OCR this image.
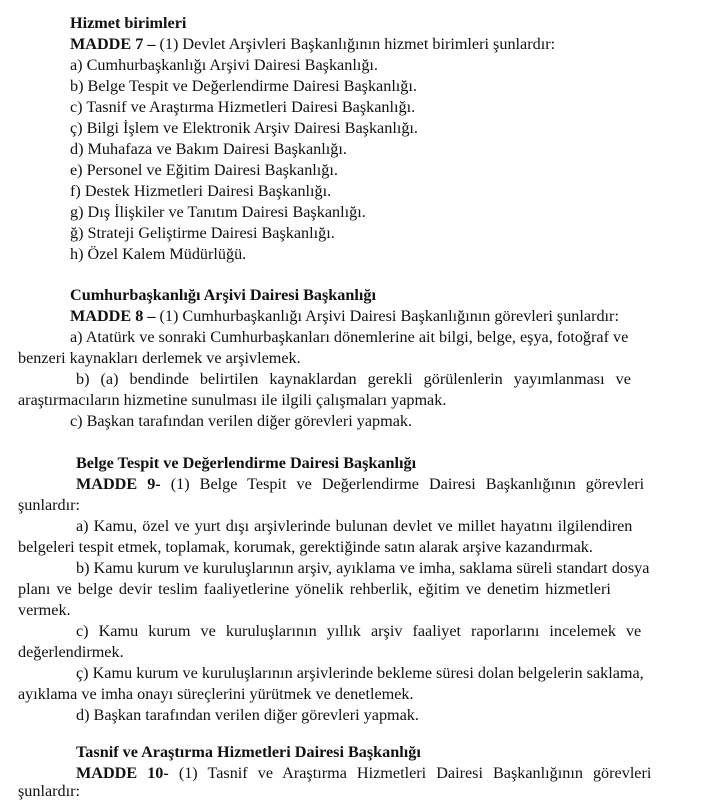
Hizmet birimleri
MADDE 7 – (1) Devlet Arşivleri Başkanlığının hizmet birimleri şunlardır:
a) Cumhurbaşkanlığı Arşivi Dairesi Başkanlığı.
b) Belge Tespit ve Değerlendirme Dairesi Başkanlığı.
c) Tasnif ve Araştırma Hizmetleri Dairesi Başkanlığı.
ç) Bilgi İşlem ve Elektronik Arşiv Dairesi Başkanlığı.
d) Muhafaza ve Bakım Dairesi Başkanlığı.
e) Personel ve Eğitim Dairesi Başkanlığı.
f) Destek Hizmetleri Dairesi Başkanlığı.
g) Dış İlişkiler ve Tanıtım Dairesi Başkanlığı.
ğ) Strateji Geliştirme Dairesi Başkanlığı.
h) Özel Kalem Müdürlüğü.
Cumhurbaşkanlığı Arşivi Dairesi Başkanlığı
MADDE 8 – (1) Cumhurbaşkanlığı Arşivi Dairesi Başkanlığının görevleri şunlardır:
a) Atatürk ve sonraki Cumhurbaşkanları dönemlerine ait bilgi, belge, eşya, fotoğraf ve
benzeri kaynakları derlemek ve arşivlemek.
b) (a) bendinde belirtilen kaynaklardan gerekli görülenlerin yayımlanması ve
araştırmacıların hizmetine sunulması ile ilgili çalışmaları yapmak.
c) Başkan tarafından verilen diğer görevleri yapmak.
Belge Tespit ve Değerlendirme Dairesi Başkanlığı
MADDE 9- (1) Belge Tespit ve Değerlendirme Dairesi Başkanlığının görevleri
şunlardır:
a) Kamu, özel ve yurt dışı arşivlerinde bulunan devlet ve millet hayatını ilgilendiren
belgeleri tespit etmek, toplamak, korumak, gerektiğinde satın alarak arşive kazandırmak.
b) Kamu kurum ve kuruluşlarının arşiv, ayıklama ve imha, saklama süreli standart dosya
planı ve belge devir teslim faaliyetlerine yönelik rehberlik, eğitim ve denetim hizmetleri
vermek.
c) Kamu kurum ve kuruluşlarının yıllık arşiv faaliyet raporlarını incelemek ve
değerlendirmek.
ç) Kamu kurum ve kuruluşlarının arşivlerinde bekleme süresi dolan belgelerin saklama,
ayıklama ve imha onayı süreçlerini yürütmek ve denetlemek.
d) Başkan tarafından verilen diğer görevleri yapmak.
Tasnif ve Araştırma Hizmetleri Dairesi Başkanlığı
MADDE 10- (1) Tasnif ve Araştırma Hizmetleri Dairesi Başkanlığının görevleri
şunlardır:
